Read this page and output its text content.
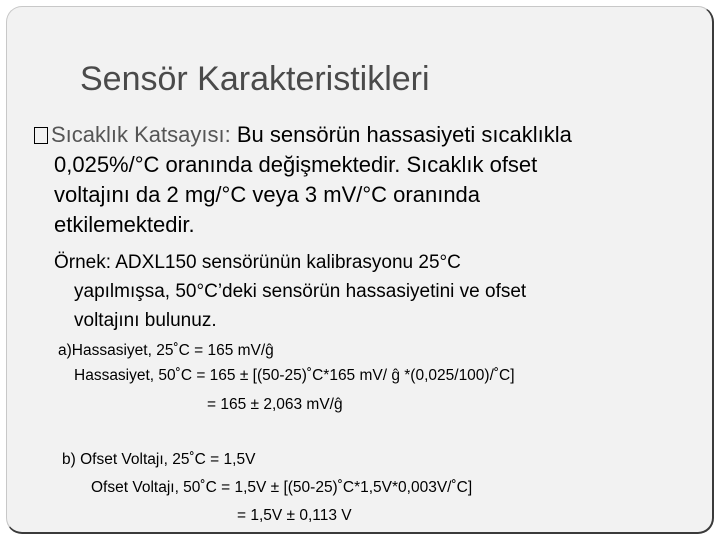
Sensör Karakteristikleri
Sıcaklık Katsayısı: Bu sensörün hassasiyeti sıcaklıkla
0,025%/°C oranında değişmektedir. Sıcaklık ofset
voltajını da 2 mg/°C veya 3 mV/°C oranında
etkilemektedir.
Örnek: ADXL150 sensörünün kalibrasyonu 25°C
yapılmışsa, 50°C’deki sensörün hassasiyetini ve ofset
voltajını bulunuz.
a)Hassasiyet, 25˚C = 165 mV/ĝ
Hassasiyet, 50˚C = 165 ± [(50-25)˚C*165 mV/ ĝ *(0,025/100)/˚C]
= 165 ± 2,063 mV/ĝ
b) Ofset Voltajı, 25˚C = 1,5V
Ofset Voltajı, 50˚C = 1,5V ± [(50-25)˚C*1,5V*0,003V/˚C]
= 1,5V ± 0,113 V
